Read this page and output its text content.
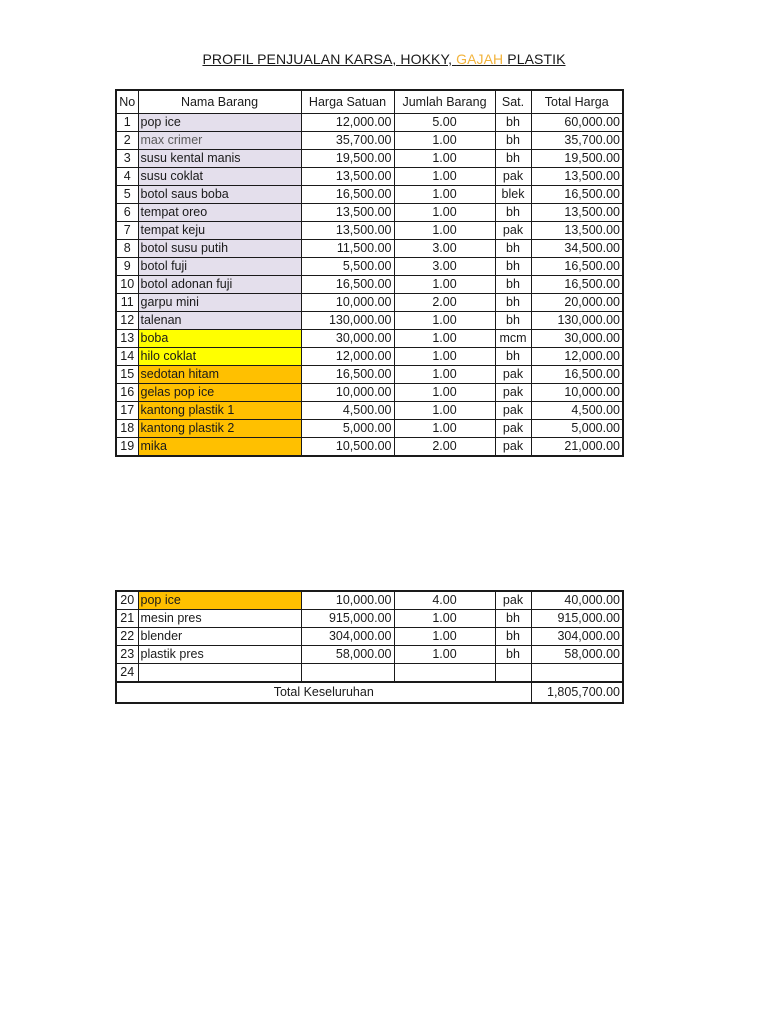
PROFIL PENJUALAN KARSA, HOKKY, GAJAH PLASTIK
No	Nama Barang	Harga Satuan	Jumlah Barang	Sat.	Total Harga
1	pop ice	12,000.00	5.00	bh	60,000.00
2	max crimer	35,700.00	1.00	bh	35,700.00
3	susu kental manis	19,500.00	1.00	bh	19,500.00
4	susu coklat	13,500.00	1.00	pak	13,500.00
5	botol saus boba	16,500.00	1.00	blek	16,500.00
6	tempat oreo	13,500.00	1.00	bh	13,500.00
7	tempat keju	13,500.00	1.00	pak	13,500.00
8	botol susu putih	11,500.00	3.00	bh	34,500.00
9	botol fuji	5,500.00	3.00	bh	16,500.00
10	botol adonan fuji	16,500.00	1.00	bh	16,500.00
11	garpu mini	10,000.00	2.00	bh	20,000.00
12	talenan	130,000.00	1.00	bh	130,000.00
13	boba	30,000.00	1.00	mcm	30,000.00
14	hilo coklat	12,000.00	1.00	bh	12,000.00
15	sedotan hitam	16,500.00	1.00	pak	16,500.00
16	gelas pop ice	10,000.00	1.00	pak	10,000.00
17	kantong plastik 1	4,500.00	1.00	pak	4,500.00
18	kantong plastik 2	5,000.00	1.00	pak	5,000.00
19	mika	10,500.00	2.00	pak	21,000.00
20	pop ice	10,000.00	4.00	pak	40,000.00
21	mesin pres	915,000.00	1.00	bh	915,000.00
22	blender	304,000.00	1.00	bh	304,000.00
23	plastik pres	58,000.00	1.00	bh	58,000.00
24					
Total Keseluruhan					1,805,700.00
